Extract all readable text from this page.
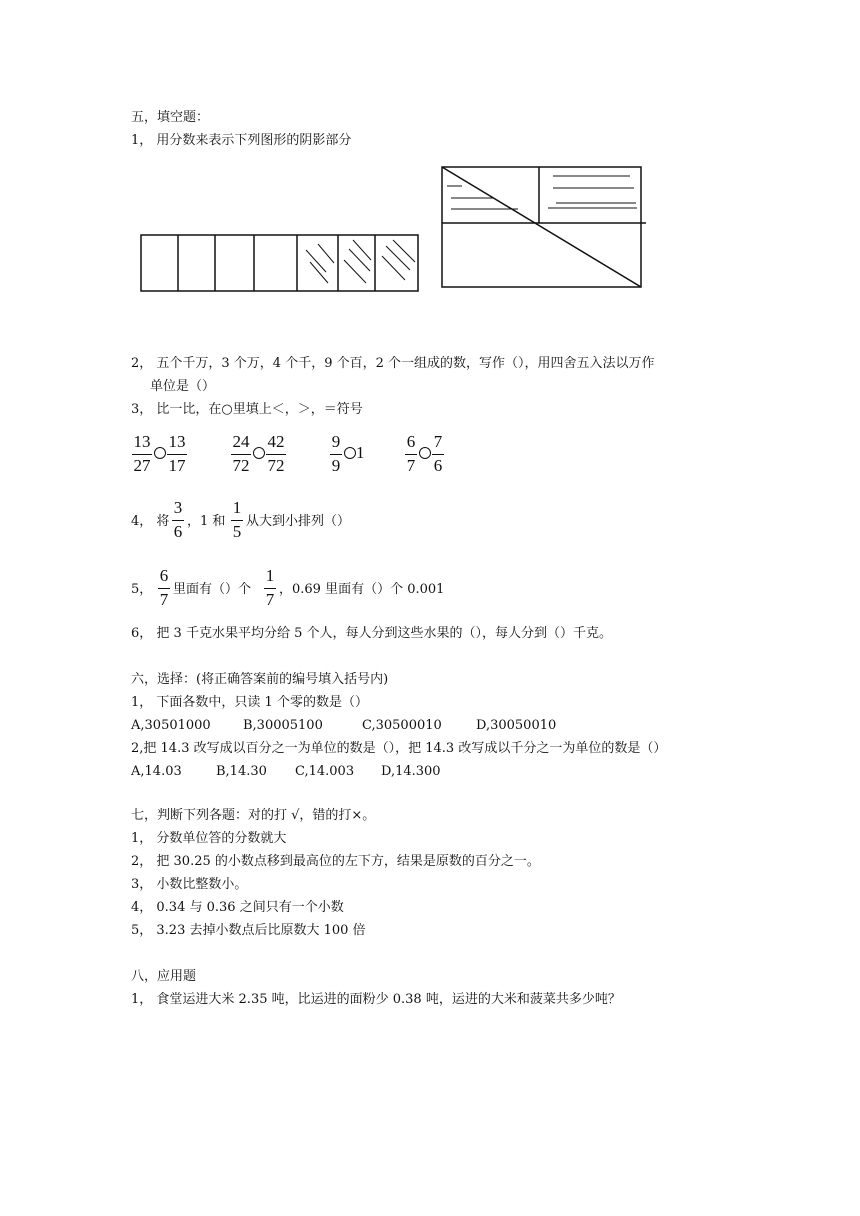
五，填空题：
1， 用分数来表示下列图形的阴影部分
2， 五个千万，3 个万，4 个千，9 个百，2 个一组成的数，写作（），用四舍五入法以万作
单位是（）
3， 比一比，在○里填上＜，＞，＝符号
13
27
13
17
24
72
42
72
9
9
1
6
7
7
6
4， 将
3
6
，1 和
1
5
从大到小排列（）
5，
6
7
里面有（）个
1
7
，0.69 里面有（）个 0.001
6， 把 3 千克水果平均分给 5 个人，每人分到这些水果的（），每人分到（）千克。
六，选择：(将正确答案前的编号填入括号内)
1， 下面各数中，只读 1 个零的数是（）
A,30501000 B,30005100	C,30500010	D,30050010
2,把 14.3 改写成以百分之一为单位的数是（），把 14.3 改写成以千分之一为单位的数是（）
A,14.03	B,14.30 C,14.003 D,14.300
七，判断下列各题：对的打 √，错的打×。
1， 分数单位答的分数就大
2， 把 30.25 的小数点移到最高位的左下方，结果是原数的百分之一。
3， 小数比整数小。
4， 0.34 与 0.36 之间只有一个小数
5， 3.23 去掉小数点后比原数大 100 倍
八，应用题
1， 食堂运进大米 2.35 吨，比运进的面粉少 0.38 吨，运进的大米和菠菜共多少吨？
